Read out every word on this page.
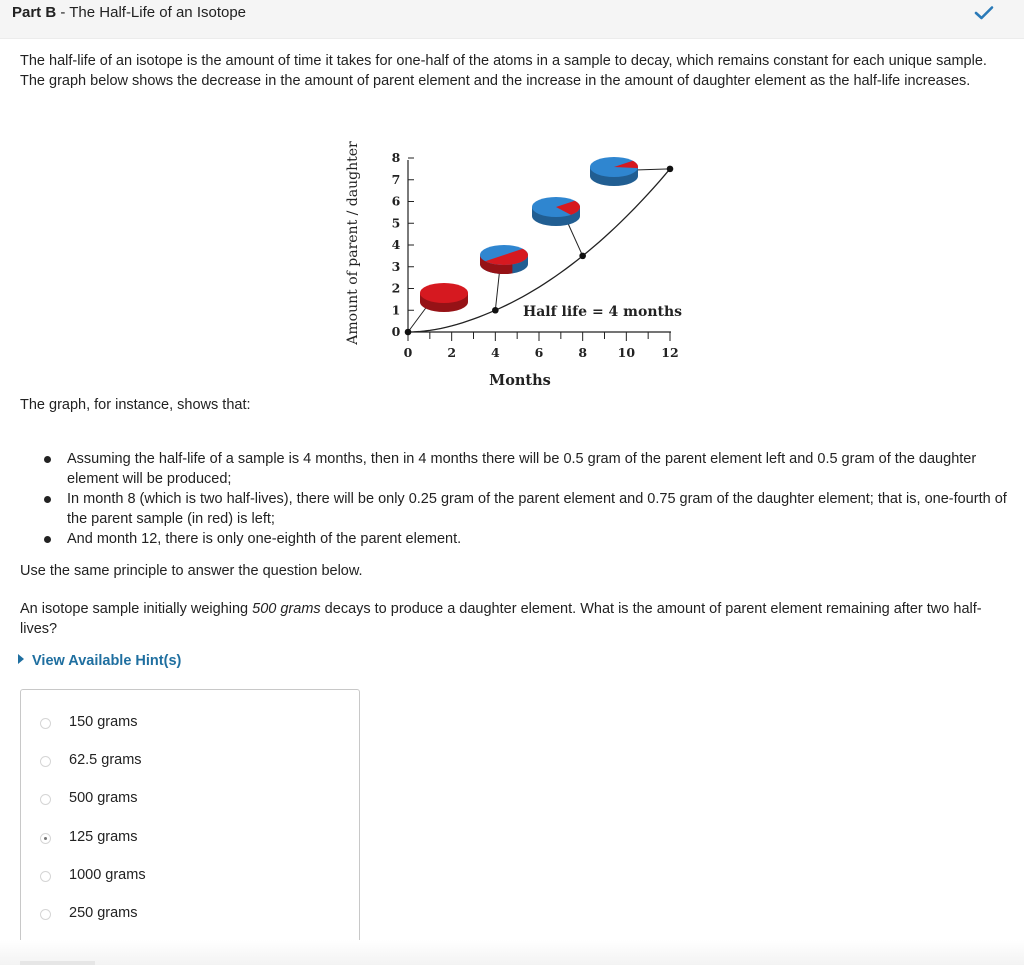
Part B - The Half-Life of an Isotope

The half-life of an isotope is the amount of time it takes for one-half of the atoms in a sample to decay, which remains constant for each unique sample. The graph below shows the decrease in the amount of parent element and the increase in the amount of daughter element as the half-life increases.

Amount of parent / daughter
Months
Half life = 4 months
0
1
2
3
4
5
6
7
8
0	2	4	6	8 10 12
The graph, for instance, shows that:
Assuming the half-life of a sample is 4 months, then in 4 months there will be 0.5 gram of the parent element left and 0.5 gram of the daughter element will be produced;
In month 8 (which is two half-lives), there will be only 0.25 gram of the parent element and 0.75 gram of the daughter element; that is, one-fourth of the parent sample (in red) is left;
And month 12, there is only one-eighth of the parent element.
Use the same principle to answer the question below.

An isotope sample initially weighing 500 grams decays to produce a daughter element. What is the amount of parent element remaining after two half-lives?

View Available Hint(s)
150 grams
62.5 grams
500 grams
125 grams
1000 grams
250 grams
